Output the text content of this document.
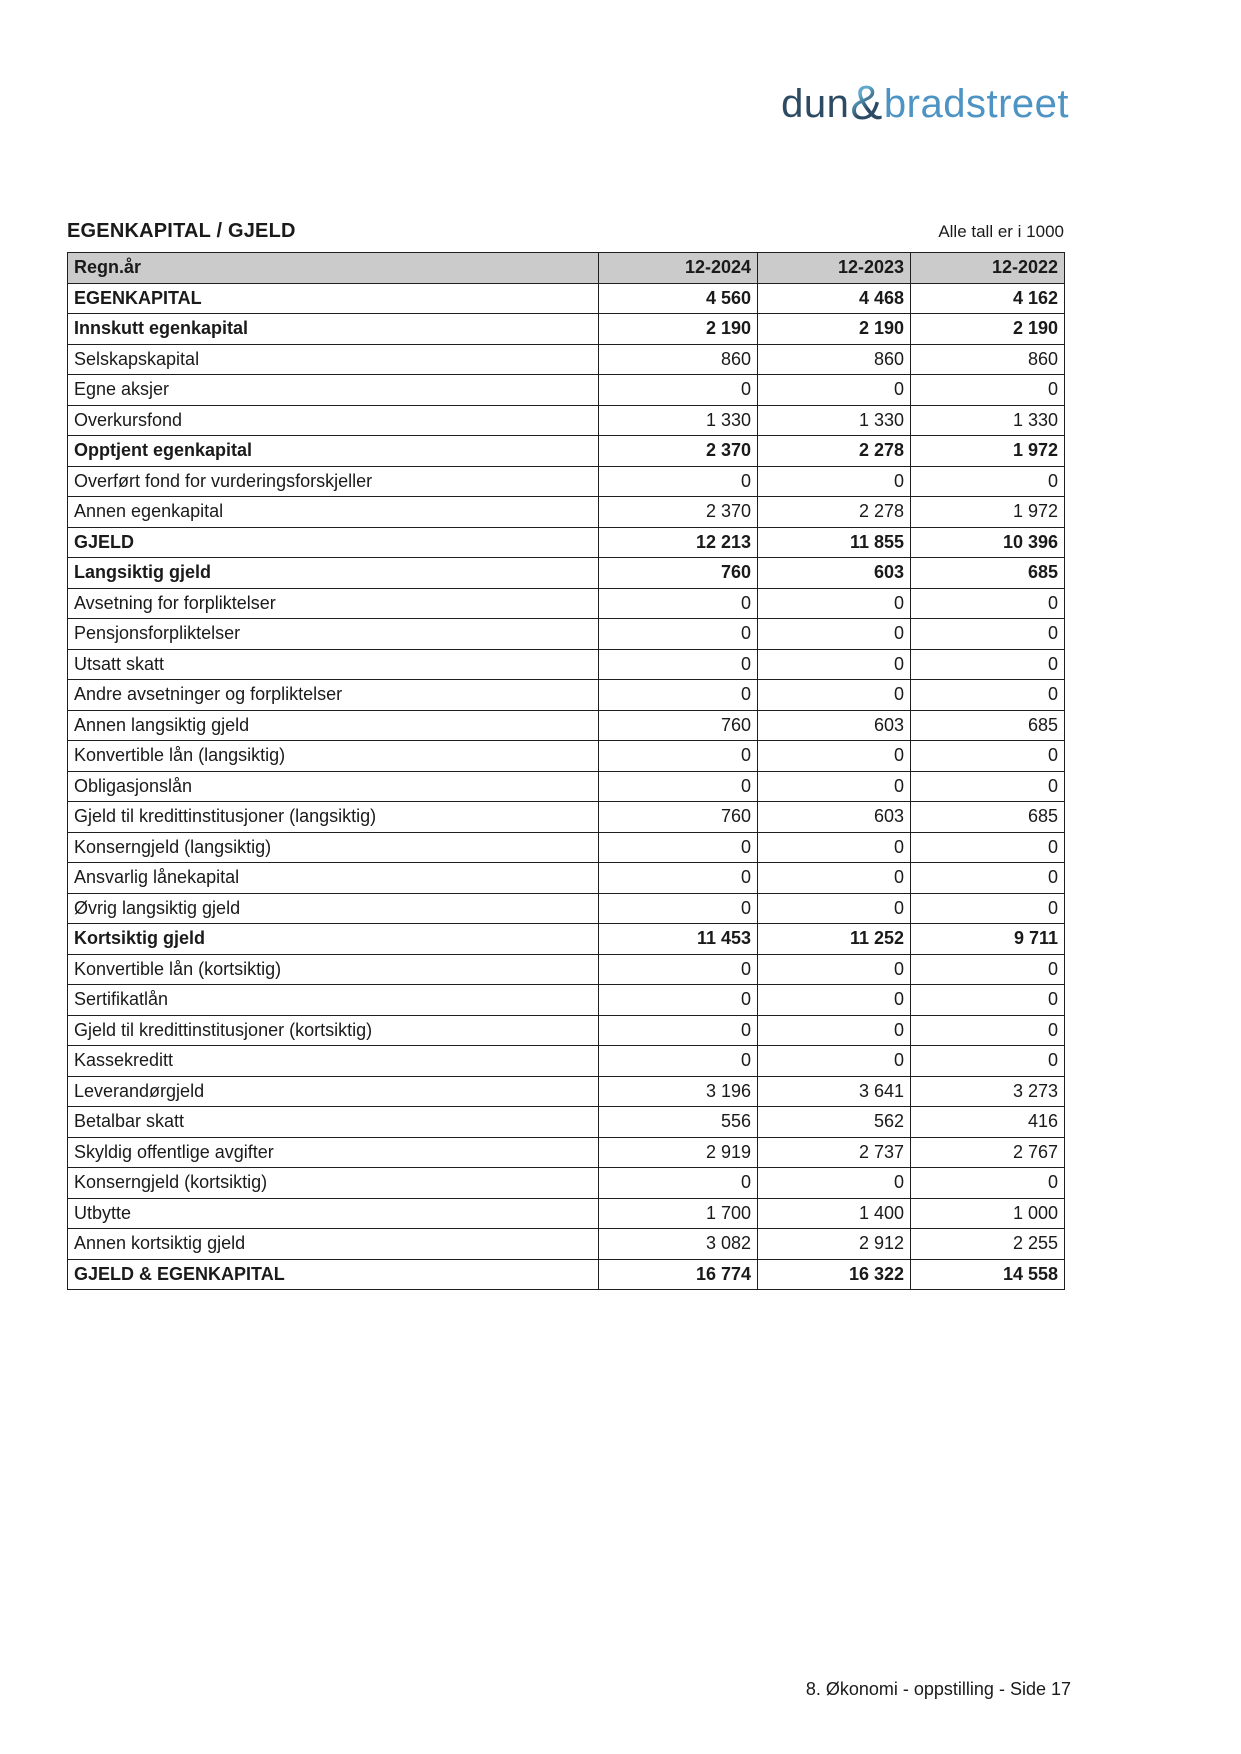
dun&bradstreet
EGENKAPITAL / GJELD	Alle tall er i 1000
Regn.år	12-2024	12-2023	12-2022
EGENKAPITAL	4 560	4 468	4 162
Innskutt egenkapital	2 190	2 190	2 190
Selskapskapital	860	860	860
Egne aksjer	0	0	0
Overkursfond	1 330	1 330	1 330
Opptjent egenkapital	2 370	2 278	1 972
Overført fond for vurderingsforskjeller	0	0	0
Annen egenkapital	2 370	2 278	1 972
GJELD	12 213	11 855	10 396
Langsiktig gjeld	760	603	685
Avsetning for forpliktelser	0	0	0
Pensjonsforpliktelser	0	0	0
Utsatt skatt	0	0	0
Andre avsetninger og forpliktelser	0	0	0
Annen langsiktig gjeld	760	603	685
Konvertible lån (langsiktig)	0	0	0
Obligasjonslån	0	0	0
Gjeld til kredittinstitusjoner (langsiktig)	760	603	685
Konserngjeld (langsiktig)	0	0	0
Ansvarlig lånekapital	0	0	0
Øvrig langsiktig gjeld	0	0	0
Kortsiktig gjeld	11 453	11 252	9 711
Konvertible lån (kortsiktig)	0	0	0
Sertifikatlån	0	0	0
Gjeld til kredittinstitusjoner (kortsiktig)	0	0	0
Kassekreditt	0	0	0
Leverandørgjeld	3 196	3 641	3 273
Betalbar skatt	556	562	416
Skyldig offentlige avgifter	2 919	2 737	2 767
Konserngjeld (kortsiktig)	0	0	0
Utbytte	1 700	1 400	1 000
Annen kortsiktig gjeld	3 082	2 912	2 255
GJELD & EGENKAPITAL	16 774	16 322	14 558
8. Økonomi - oppstilling - Side 17
